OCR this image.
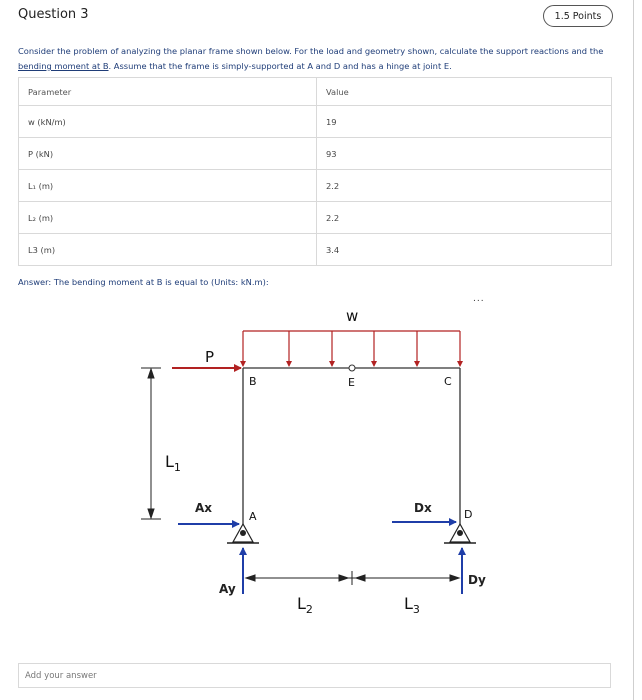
Question 3	1.5 Points
Consider the problem of analyzing the planar frame shown below. For the load and geometry shown, calculate the support reactions and the bending moment at B. Assume that the frame is simply-supported at A and D and has a hinge at joint E.
Parameter	Value
w (kN/m)	19
P (kN)	93
L₁ (m)	2.2
L₂ (m)	2.2
L3 (m)	3.4
Answer: The bending moment at B is equal to (Units: kN.m):
...
w
P
B	E	C
A	D
$L_1$
Ax
Ay
Dx
Dy
$L_2$	$L_3$
Add your answer
